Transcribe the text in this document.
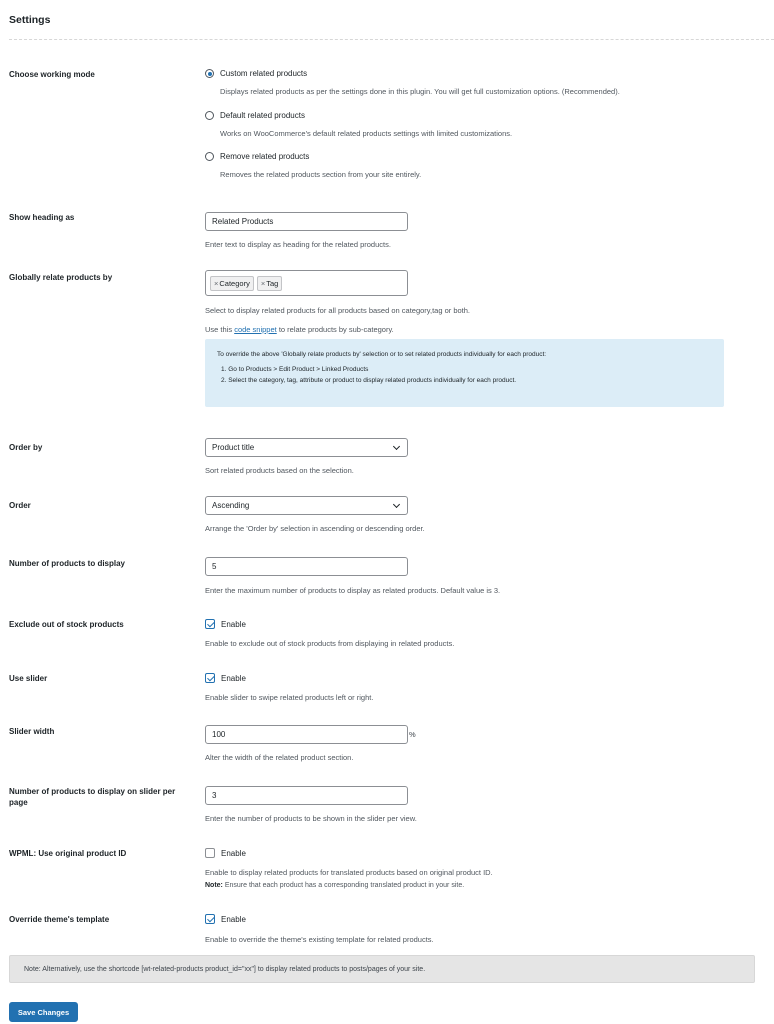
Settings
Choose working mode	Custom related products
Displays related products as per the settings done in this plugin. You will get full customization options. (Recommended).
Default related products
Works on WooCommerce's default related products settings with limited customizations.
Remove related products
Removes the related products section from your site entirely.
Show heading as	Related Products
Enter text to display as heading for the related products.
Globally relate products by
× Category × Tag
Select to display related products for all products based on category,tag or both.
Use this code snippet to relate products by sub-category.
To override the above 'Globally relate products by' selection or to set related products individually for each product:
1. Go to Products > Edit Product > Linked Products
2. Select the category, tag, attribute or product to display related products individually for each product.
Order by	Product title
Sort related products based on the selection.
Order	Ascending
Arrange the 'Order by' selection in ascending or descending order.
Number of products to display	5
Enter the maximum number of products to display as related products. Default value is 3.
Exclude out of stock products	Enable
Enable to exclude out of stock products from displaying in related products.
Use slider	Enable
Enable slider to swipe related products left or right.
Slider width	100	%
Alter the width of the related product section.
Number of products to display on slider per page
3
Enter the number of products to be shown in the slider per view.
WPML: Use original product ID	Enable
Enable to display related products for translated products based on original product ID.
Note: Ensure that each product has a corresponding translated product in your site.
Override theme's template	Enable
Enable to override the theme's existing template for related products.
Note: Alternatively, use the shortcode [wt-related-products product_id="xx"] to display related products to posts/pages of your site.
Save Changes
